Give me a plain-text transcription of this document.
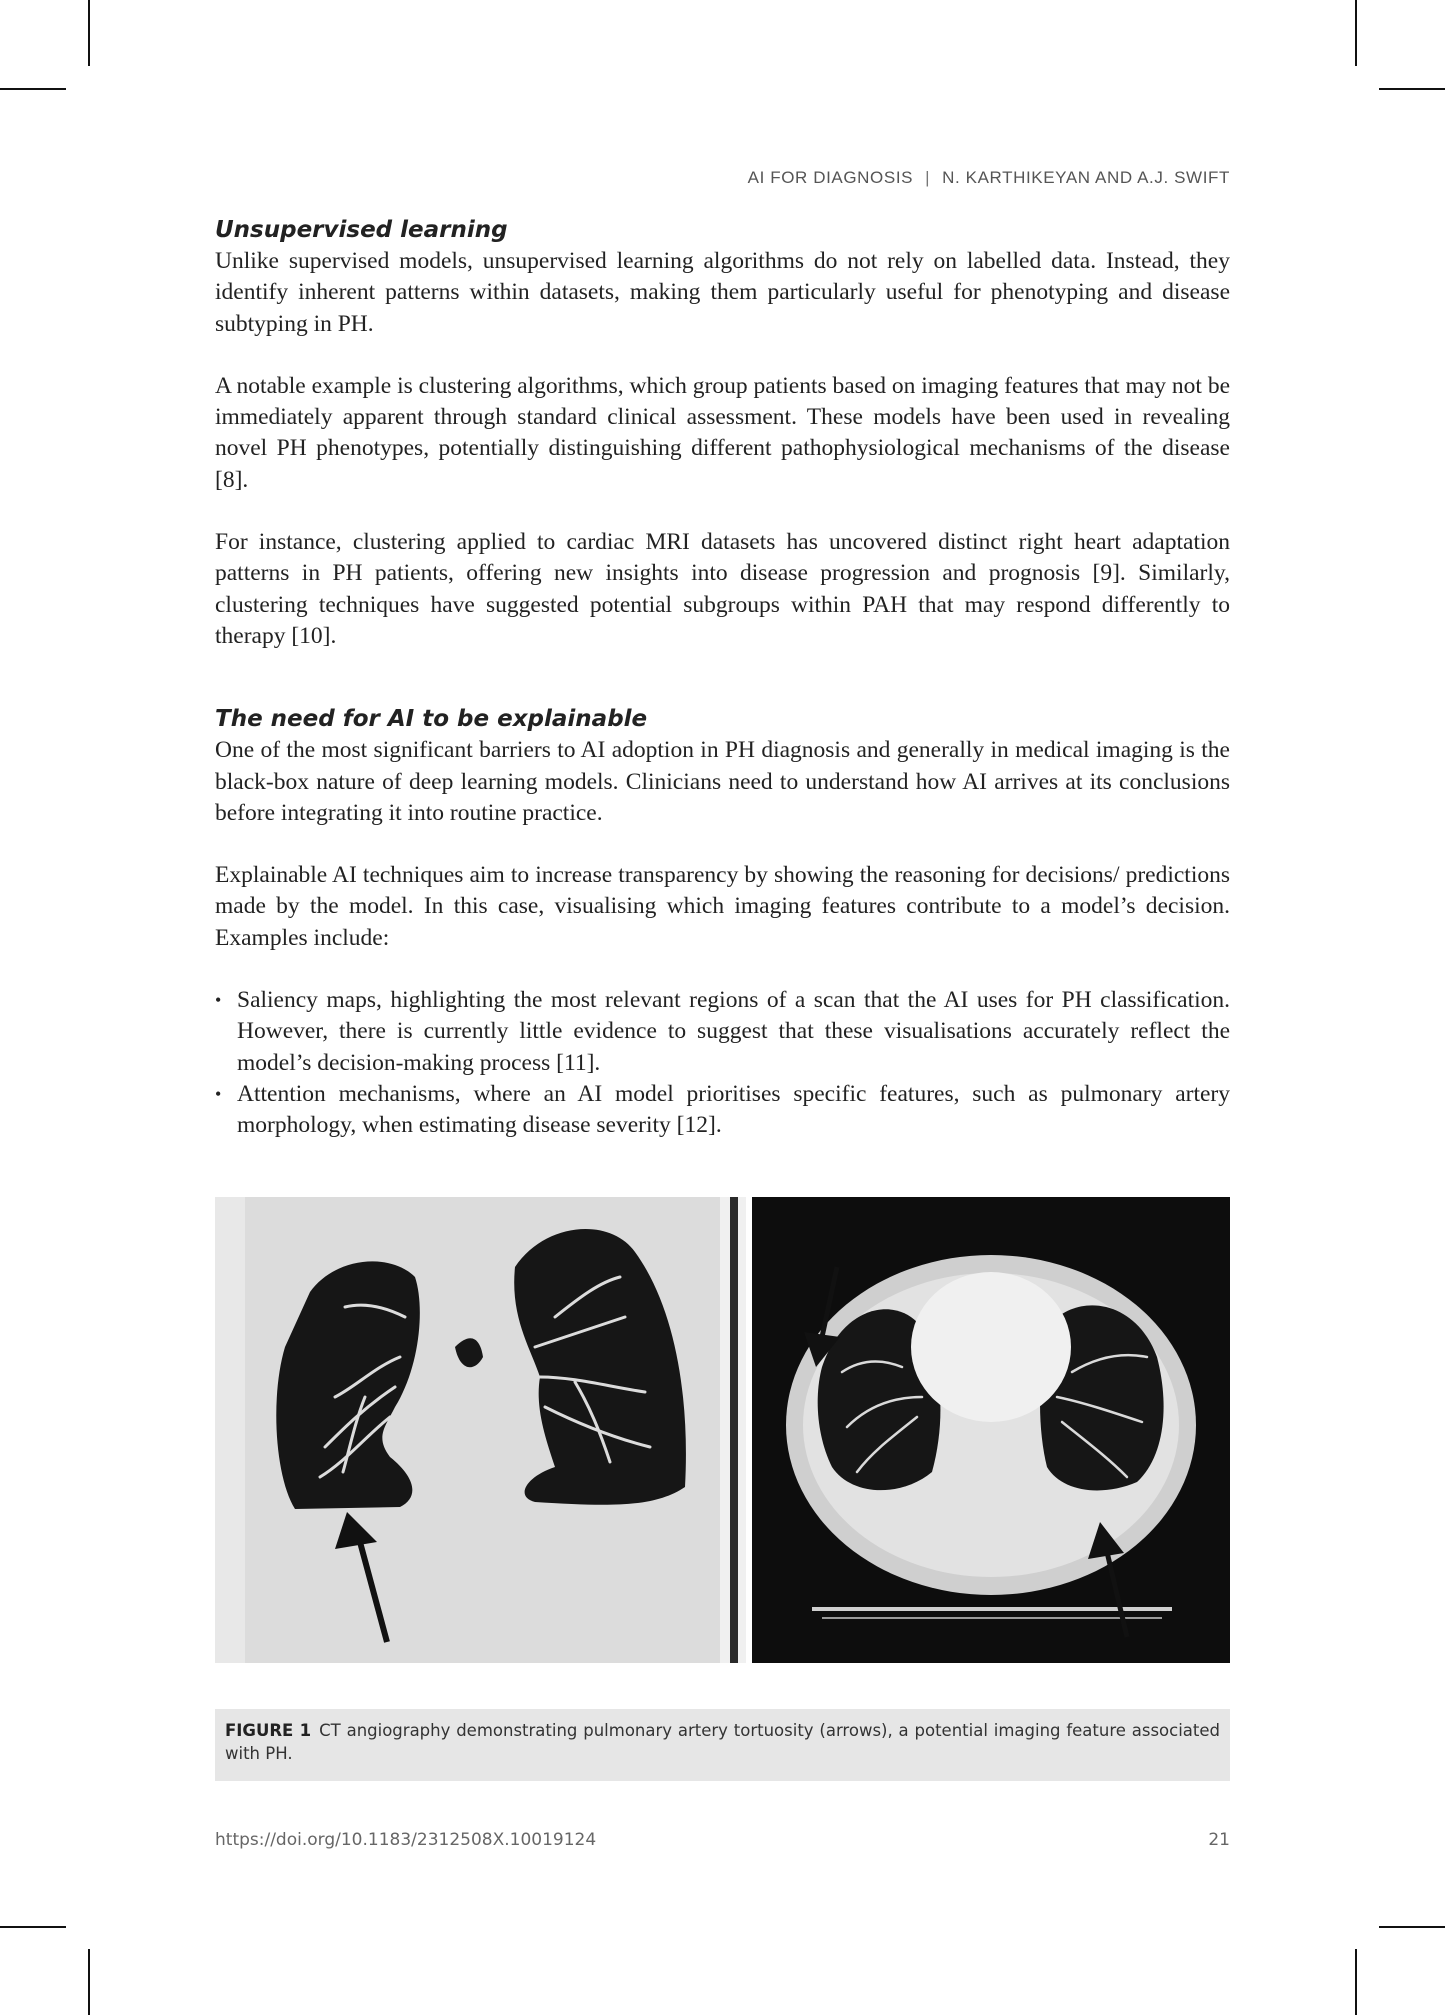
AI FOR DIAGNOSIS | N. KARTHIKEYAN AND A.J. SWIFT
Unsupervised learning

Unlike supervised models, unsupervised learning algorithms do not rely on labelled data. Instead, they identify inherent patterns within datasets, making them particularly useful for phenotyping and disease subtyping in PH.

A notable example is clustering algorithms, which group patients based on imaging features that may not be immediately apparent through standard clinical assessment. These models have been used in revealing novel PH phenotypes, potentially distinguishing different pathophysiological mechanisms of the disease [8].

For instance, clustering applied to cardiac MRI datasets has uncovered distinct right heart adaptation patterns in PH patients, offering new insights into disease progression and prognosis [9]. Similarly, clustering techniques have suggested potential subgroups within PAH that may respond differently to therapy [10].

The need for AI to be explainable

One of the most significant barriers to AI adoption in PH diagnosis and generally in medical imaging is the black-box nature of deep learning models. Clinicians need to understand how AI arrives at its conclusions before integrating it into routine practice.

Explainable AI techniques aim to increase transparency by showing the reasoning for decisions/ predictions made by the model. In this case, visualising which imaging features contribute to a model’s decision. Examples include:

• Saliency maps, highlighting the most relevant regions of a scan that the AI uses for PH classification. However, there is currently little evidence to suggest that these visualisations accurately reflect the model’s decision-making process [11].
• Attention mechanisms, where an AI model prioritises specific features, such as pulmonary artery morphology, when estimating disease severity [12].
FIGURE 1 CT angiography demonstrating pulmonary artery tortuosity (arrows), a potential imaging feature associated with PH.
https://doi.org/10.1183/2312508X.10019124	21
